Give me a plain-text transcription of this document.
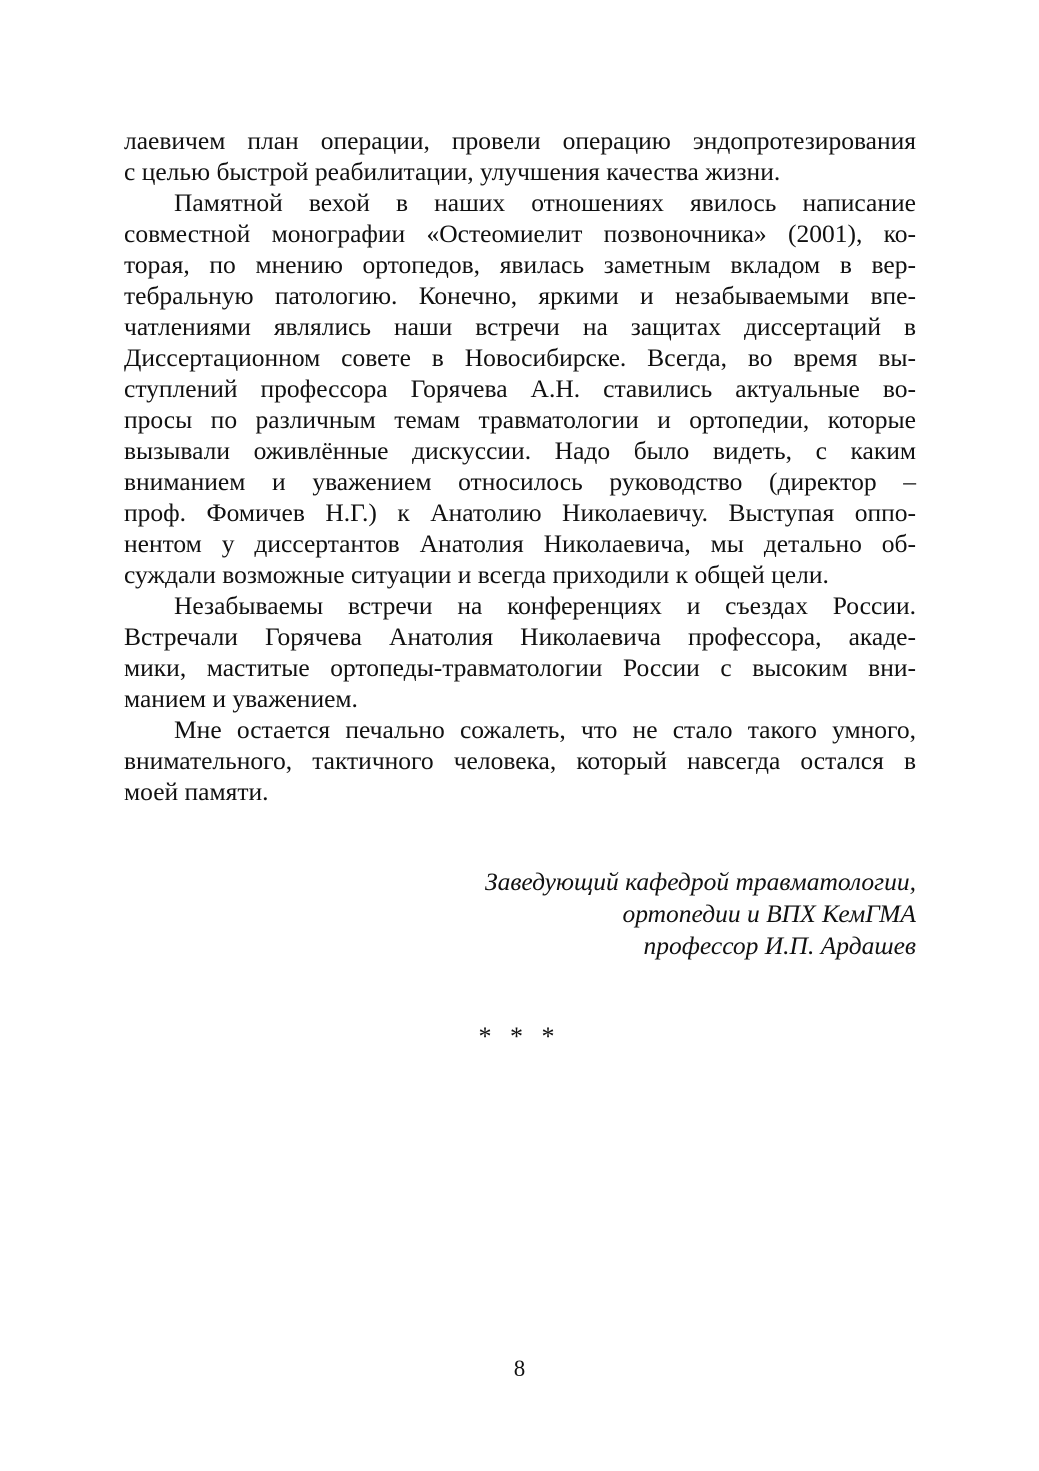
лаевичем план операции, провели операцию эндопротезирования
с целью быстрой реабилитации, улучшения качества жизни.
Памятной вехой в наших отношениях явилось написание
совместной монографии «Остеомиелит позвоночника» (2001), ко-
торая, по мнению ортопедов, явилась заметным вкладом в вер-
тебральную патологию. Конечно, яркими и незабываемыми впе-
чатлениями являлись наши встречи на защитах диссертаций в
Диссертационном совете в Новосибирске. Всегда, во время вы-
ступлений профессора Горячева А.Н. ставились актуальные во-
просы по различным темам травматологии и ортопедии, которые
вызывали оживлённые дискуссии. Надо было видеть, с каким
вниманием и уважением относилось руководство (директор –
проф. Фомичев Н.Г.) к Анатолию Николаевичу. Выступая оппо-
нентом у диссертантов Анатолия Николаевича, мы детально об-
суждали возможные ситуации и всегда приходили к общей цели.
Незабываемы встречи на конференциях и съездах России.
Встречали Горячева Анатолия Николаевича профессора, акаде-
мики, маститые ортопеды-травматологии России с высоким вни-
манием и уважением.
Мне остается печально сожалеть, что не стало такого умного,
внимательного, тактичного человека, который навсегда остался в
моей памяти.
Заведующий кафедрой травматологии,
ортопедии и ВПХ КемГМА
профессор И.П. Ардашев
* * *
8
